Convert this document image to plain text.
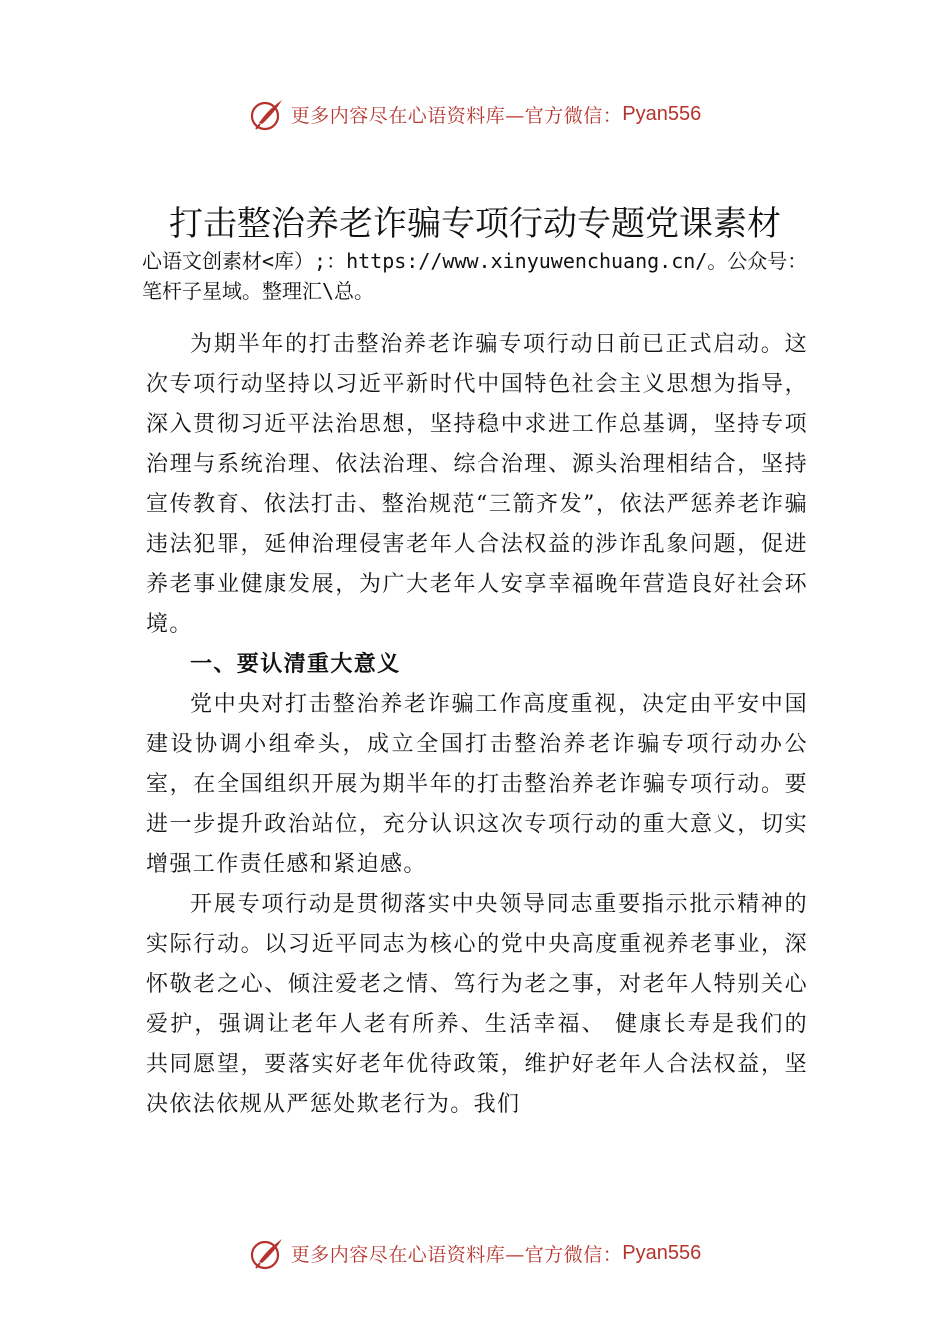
更多内容尽在心语资料库—官方微信： Pyan556
打击整治养老诈骗专项行动专题党课素材
心语文创素材<库）;：https://www.xinyuwenchuang.cn/。公众号：笔杆子星域。整理汇\总。

为期半年的打击整治养老诈骗专项行动日前已正式启动。这次专项行动坚持以习近平新时代中国特色社会主义思想为指导，深入贯彻习近平法治思想，坚持稳中求进工作总基调，坚持专项治理与系统治理、依法治理、综合治理、源头治理相结合，坚持宣传教育、依法打击、整治规范“三箭齐发”，依法严惩养老诈骗违法犯罪，延伸治理侵害老年人合法权益的涉诈乱象问题，促进养老事业健康发展，为广大老年人安享幸福晚年营造良好社会环境。

一、要认清重大意义

党中央对打击整治养老诈骗工作高度重视，决定由平安中国建设协调小组牵头，成立全国打击整治养老诈骗专项行动办公室，在全国组织开展为期半年的打击整治养老诈骗专项行动。要进一步提升政治站位，充分认识这次专项行动的重大意义，切实增强工作责任感和紧迫感。

开展专项行动是贯彻落实中央领导同志重要指示批示精神的实际行动。以习近平同志为核心的党中央高度重视养老事业，深怀敬老之心、倾注爱老之情、笃行为老之事，对老年人特别关心爱护，强调让老年人老有所养、生活幸福、 健康长寿是我们的共同愿望，要落实好老年优待政策，维护好老年人合法权益，坚决依法依规从严惩处欺老行为。我们

更多内容尽在心语资料库—官方微信： Pyan556
